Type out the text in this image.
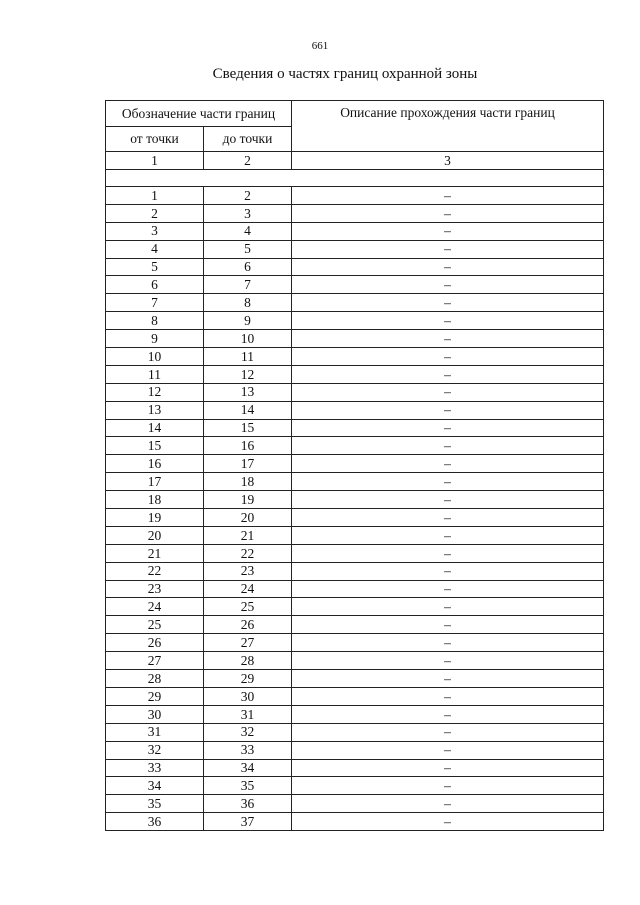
661
Сведения о частях границ охранной зоны
Обозначение части границ		Описание прохождения части границ
от точки	до точки	
1	2	3

1	2	–
2	3	–
3	4	–
4	5	–
5	6	–
6	7	–
7	8	–
8	9	–
9	10	–
10	11	–
11	12	–
12	13	–
13	14	–
14	15	–
15	16	–
16	17	–
17	18	–
18	19	–
19	20	–
20	21	–
21	22	–
22	23	–
23	24	–
24	25	–
25	26	–
26	27	–
27	28	–
28	29	–
29	30	–
30	31	–
31	32	–
32	33	–
33	34	–
34	35	–
35	36	–
36	37	–
